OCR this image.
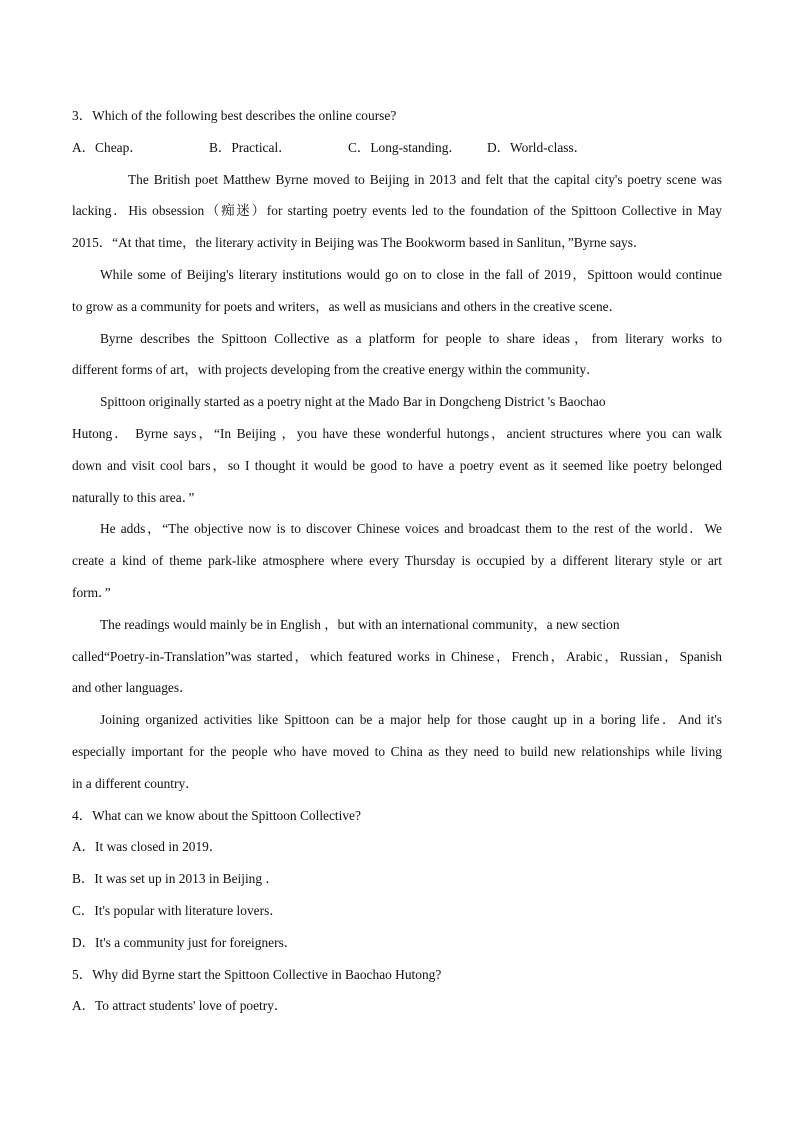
3．Which of the following best describes the online course?
A．Cheap．	B．Practical．	C．Long-standing．	D．World-class．
The British poet Matthew Byrne moved to Beijing in 2013 and felt that the capital city's poetry scene was
lacking．His obsession（痴迷）for starting poetry events led to the foundation of the Spittoon Collective in May
2015．“At that time，the literary activity in Beijing was The Bookworm based in Sanlitun，”Byrne says．
While some of Beijing's literary institutions would go on to close in the fall of 2019，Spittoon would continue
to grow as a community for poets and writers，as well as musicians and others in the creative scene．
Byrne describes the Spittoon Collective as a platform for people to share ideas，from literary works to
different forms of art，with projects developing from the creative energy within the community．
Spittoon originally started as a poetry night at the Mado Bar in Dongcheng District 's Baochao
Hutong． Byrne says，“In Beijing ，you have these wonderful hutongs，ancient structures where you can walk
down and visit cool bars，so I thought it would be good to have a poetry event as it seemed like poetry belonged
naturally to this area．”
He adds，“The objective now is to discover Chinese voices and broadcast them to the rest of the world．We
create a kind of theme park-like atmosphere where every Thursday is occupied by a different literary style or art
form．”
The readings would mainly be in English ，but with an international community，a new section
called“Poetry-in-Translation”was started，which featured works in Chinese，French，Arabic，Russian，Spanish
and other languages．
Joining organized activities like Spittoon can be a major help for those caught up in a boring life．And it's
especially important for the people who have moved to China as they need to build new relationships while living
in a different country．
4．What can we know about the Spittoon Collective?
A．It was closed in 2019．
B．It was set up in 2013 in Beijing ．
C．It's popular with literature lovers．
D．It's a community just for foreigners．
5．Why did Byrne start the Spittoon Collective in Baochao Hutong?
A．To attract students' love of poetry．
